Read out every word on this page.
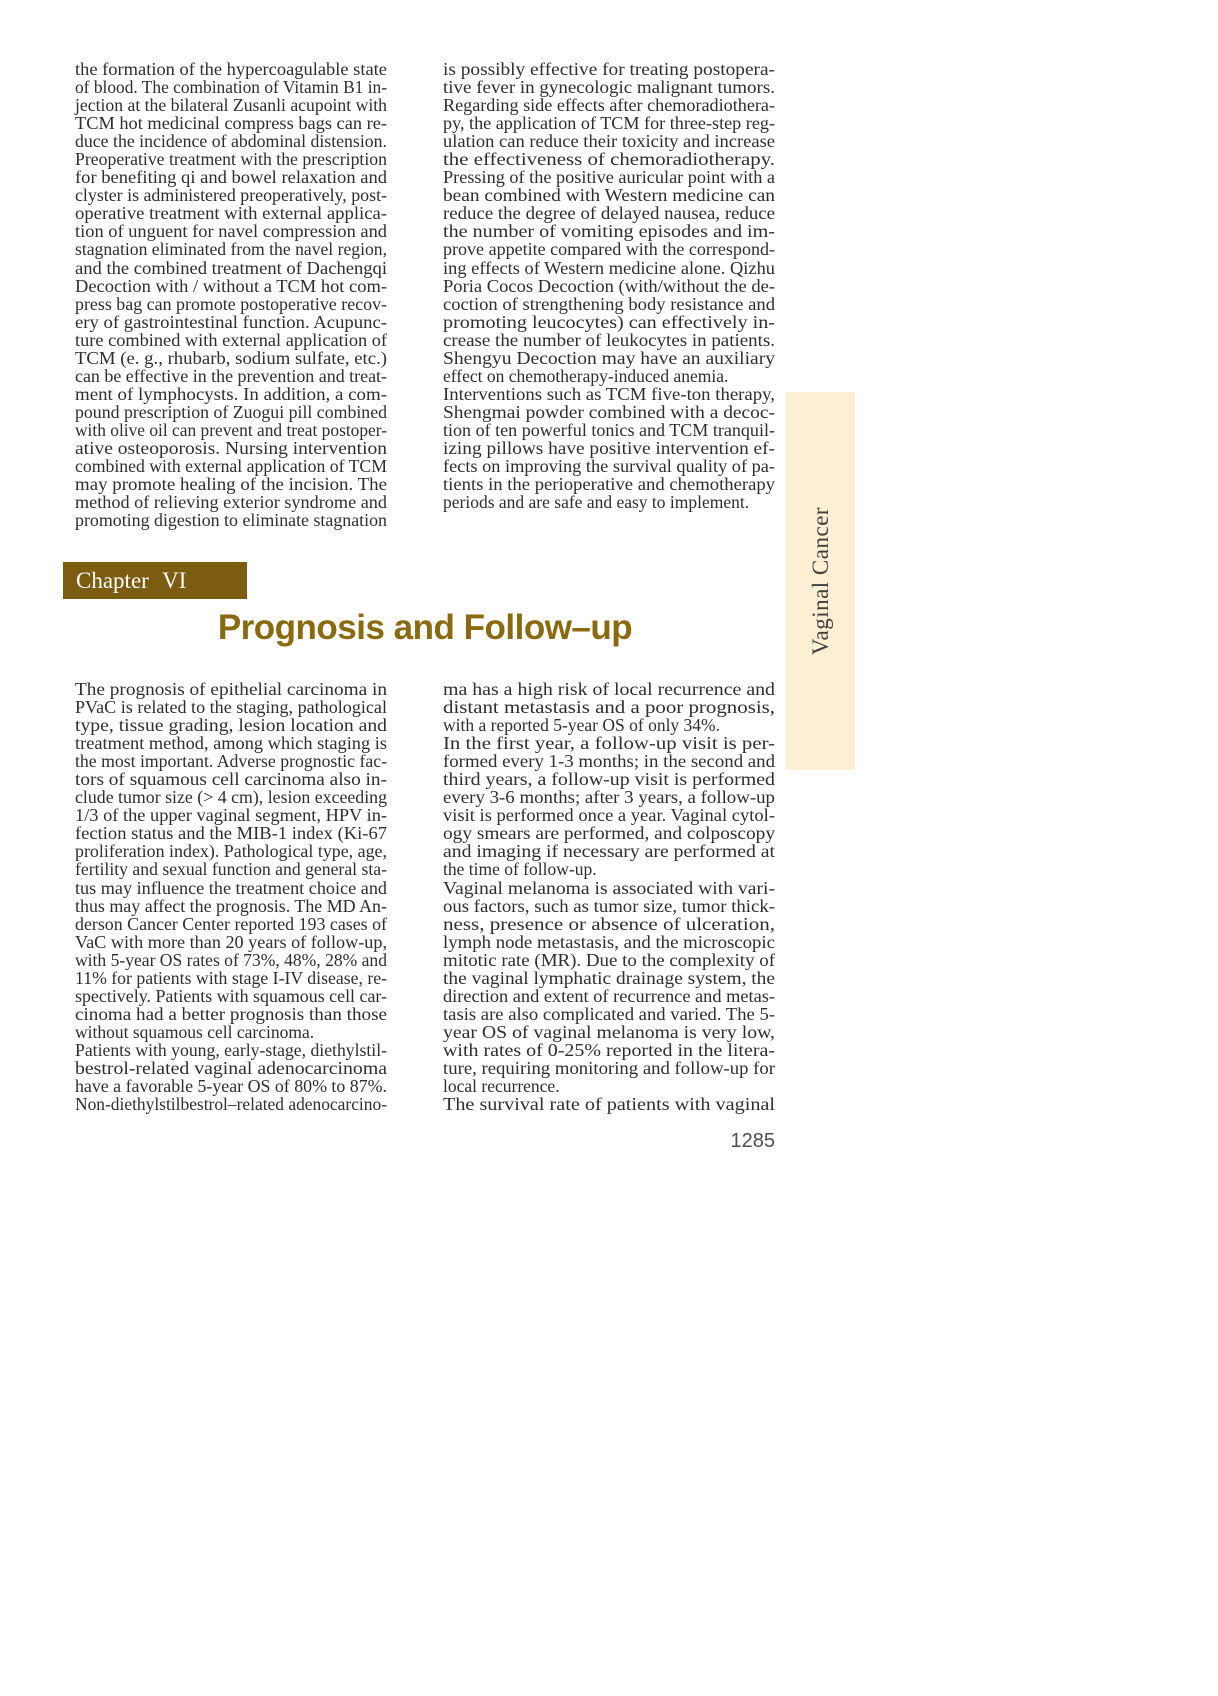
the formation of the hypercoagulable state
of blood. The combination of Vitamin B1 in-
jection at the bilateral Zusanli acupoint with
TCM hot medicinal compress bags can re-
duce the incidence of abdominal distension.
Preoperative treatment with the prescription
for benefiting qi and bowel relaxation and
clyster is administered preoperatively, post-
operative treatment with external applica-
tion of unguent for navel compression and
stagnation eliminated from the navel region,
and the combined treatment of Dachengqi
Decoction with / without a TCM hot com-
press bag can promote postoperative recov-
ery of gastrointestinal function. Acupunc-
ture combined with external application of
TCM (e. g., rhubarb, sodium sulfate, etc.)
can be effective in the prevention and treat-
ment of lymphocysts. In addition, a com-
pound prescription of Zuogui pill combined
with olive oil can prevent and treat postoper-
ative osteoporosis. Nursing intervention
combined with external application of TCM
may promote healing of the incision. The
method of relieving exterior syndrome and
promoting digestion to eliminate stagnation
is possibly effective for treating postopera-
tive fever in gynecologic malignant tumors.
Regarding side effects after chemoradiothera-
py, the application of TCM for three-step reg-
ulation can reduce their toxicity and increase
the effectiveness of chemoradiotherapy.
Pressing of the positive auricular point with a
bean combined with Western medicine can
reduce the degree of delayed nausea, reduce
the number of vomiting episodes and im-
prove appetite compared with the correspond-
ing effects of Western medicine alone. Qizhu
Poria Cocos Decoction (with/without the de-
coction of strengthening body resistance and
promoting leucocytes) can effectively in-
crease the number of leukocytes in patients.
Shengyu Decoction may have an auxiliary
effect on chemotherapy-induced anemia.
Interventions such as TCM five-ton therapy,
Shengmai powder combined with a decoc-
tion of ten powerful tonics and TCM tranquil-
izing pillows have positive intervention ef-
fects on improving the survival quality of pa-
tients in the perioperative and chemotherapy
periods and are safe and easy to implement.
Chapter VI
Prognosis and Follow–up
The prognosis of epithelial carcinoma in
PVaC is related to the staging, pathological
type, tissue grading, lesion location and
treatment method, among which staging is
the most important. Adverse prognostic fac-
tors of squamous cell carcinoma also in-
clude tumor size (> 4 cm), lesion exceeding
1/3 of the upper vaginal segment, HPV in-
fection status and the MIB-1 index (Ki-67
proliferation index). Pathological type, age,
fertility and sexual function and general sta-
tus may influence the treatment choice and
thus may affect the prognosis. The MD An-
derson Cancer Center reported 193 cases of
VaC with more than 20 years of follow-up,
with 5-year OS rates of 73%, 48%, 28% and
11% for patients with stage I-IV disease, re-
spectively. Patients with squamous cell car-
cinoma had a better prognosis than those
without squamous cell carcinoma.
Patients with young, early-stage, diethylstil-
bestrol-related vaginal adenocarcinoma
have a favorable 5-year OS of 80% to 87%.
Non-diethylstilbestrol–related adenocarcino-
ma has a high risk of local recurrence and
distant metastasis and a poor prognosis,
with a reported 5-year OS of only 34%.
In the first year, a follow-up visit is per-
formed every 1-3 months; in the second and
third years, a follow-up visit is performed
every 3-6 months; after 3 years, a follow-up
visit is performed once a year. Vaginal cytol-
ogy smears are performed, and colposcopy
and imaging if necessary are performed at
the time of follow-up.
Vaginal melanoma is associated with vari-
ous factors, such as tumor size, tumor thick-
ness, presence or absence of ulceration,
lymph node metastasis, and the microscopic
mitotic rate (MR). Due to the complexity of
the vaginal lymphatic drainage system, the
direction and extent of recurrence and metas-
tasis are also complicated and varied. The 5-
year OS of vaginal melanoma is very low,
with rates of 0-25% reported in the litera-
ture, requiring monitoring and follow-up for
local recurrence.
The survival rate of patients with vaginal
Vaginal Cancer
1285
